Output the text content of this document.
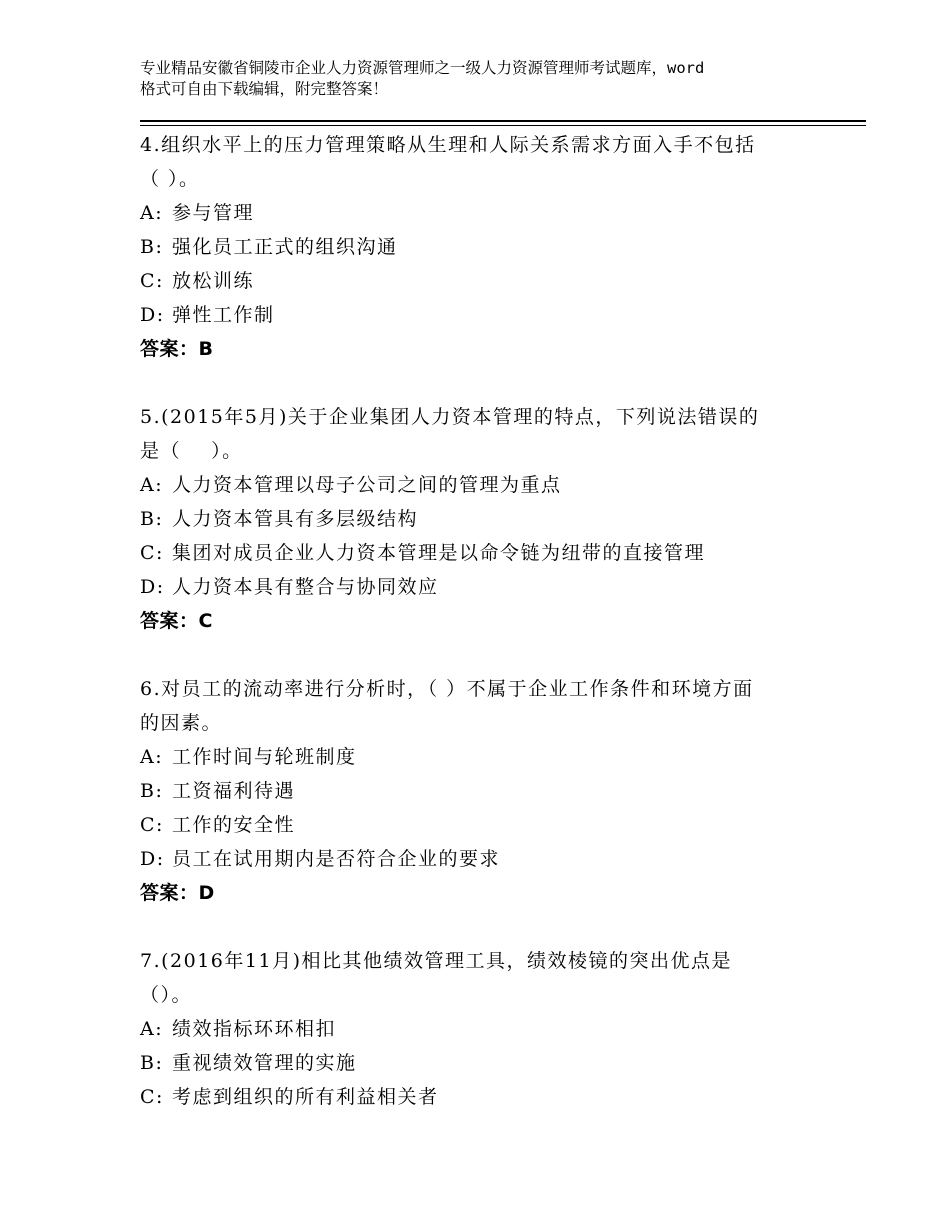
专业精品安徽省铜陵市企业人力资源管理师之一级人力资源管理师考试题库，word
格式可自由下载编辑，附完整答案！
4.组织水平上的压力管理策略从生理和人际关系需求方面入手不包括
（ ）。
A: 参与管理
B: 强化员工正式的组织沟通
C: 放松训练
D: 弹性工作制
答案：B
5.(2015年5月)关于企业集团人力资本管理的特点，下列说法错误的
是（    ）。
A: 人力资本管理以母子公司之间的管理为重点
B: 人力资本管具有多层级结构
C: 集团对成员企业人力资本管理是以命令链为纽带的直接管理
D: 人力资本具有整合与协同效应
答案：C
6.对员工的流动率进行分析时，（ ）不属于企业工作条件和环境方面
的因素。
A: 工作时间与轮班制度
B: 工资福利待遇
C: 工作的安全性
D: 员工在试用期内是否符合企业的要求
答案：D
7.(2016年11月)相比其他绩效管理工具，绩效棱镜的突出优点是
（）。
A: 绩效指标环环相扣
B: 重视绩效管理的实施
C: 考虑到组织的所有利益相关者
